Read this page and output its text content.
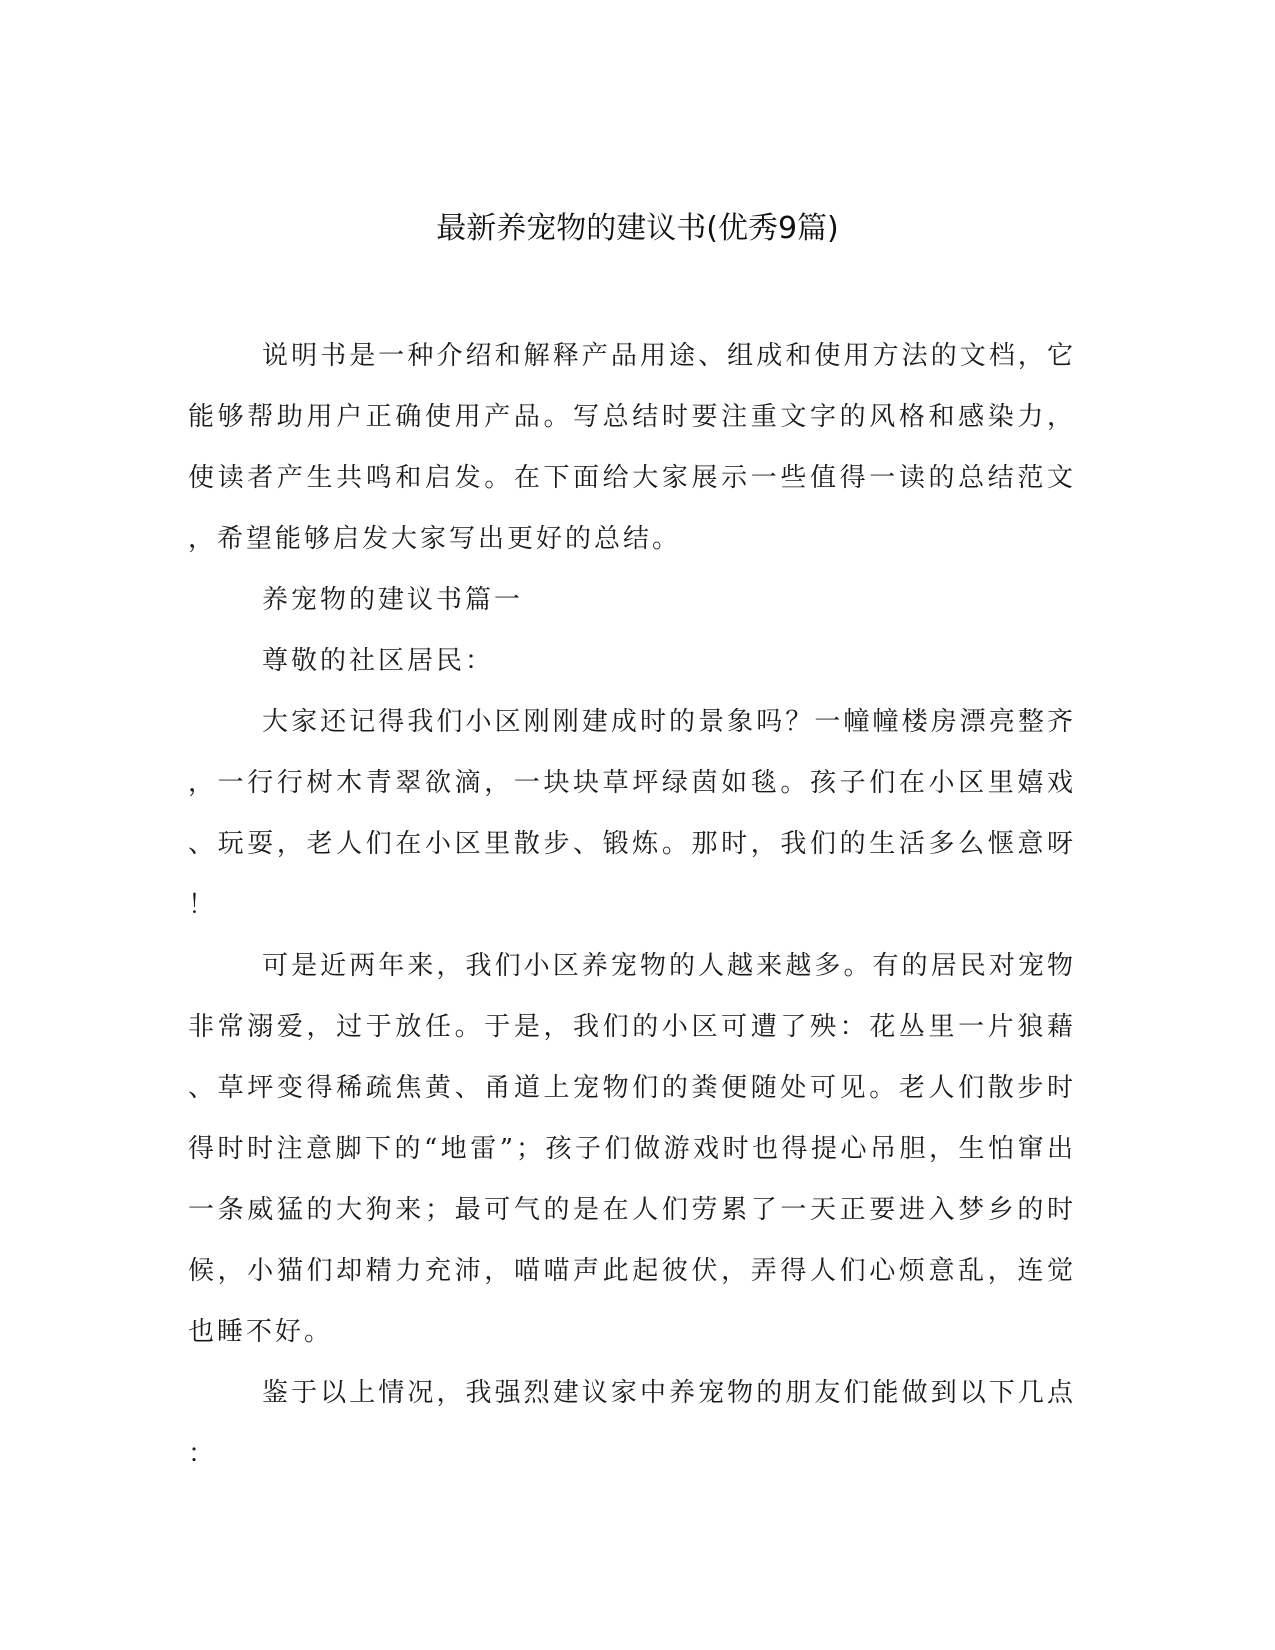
最新养宠物的建议书(优秀9篇)

说明书是一种介绍和解释产品用途、组成和使用方法的文档，它能够帮助用户正确使用产品。写总结时要注重文字的风格和感染力，使读者产生共鸣和启发。在下面给大家展示一些值得一读的总结范文，希望能够启发大家写出更好的总结。

养宠物的建议书篇一

尊敬的社区居民：

大家还记得我们小区刚刚建成时的景象吗？一幢幢楼房漂亮整齐，一行行树木青翠欲滴，一块块草坪绿茵如毯。孩子们在小区里嬉戏、玩耍，老人们在小区里散步、锻炼。那时，我们的生活多么惬意呀！

可是近两年来，我们小区养宠物的人越来越多。有的居民对宠物非常溺爱，过于放任。于是，我们的小区可遭了殃：花丛里一片狼藉、草坪变得稀疏焦黄、甬道上宠物们的粪便随处可见。老人们散步时得时时注意脚下的“地雷”；孩子们做游戏时也得提心吊胆，生怕窜出一条威猛的大狗来；最可气的是在人们劳累了一天正要进入梦乡的时候，小猫们却精力充沛，喵喵声此起彼伏，弄得人们心烦意乱，连觉也睡不好。

鉴于以上情况，我强烈建议家中养宠物的朋友们能做到以下几点：
